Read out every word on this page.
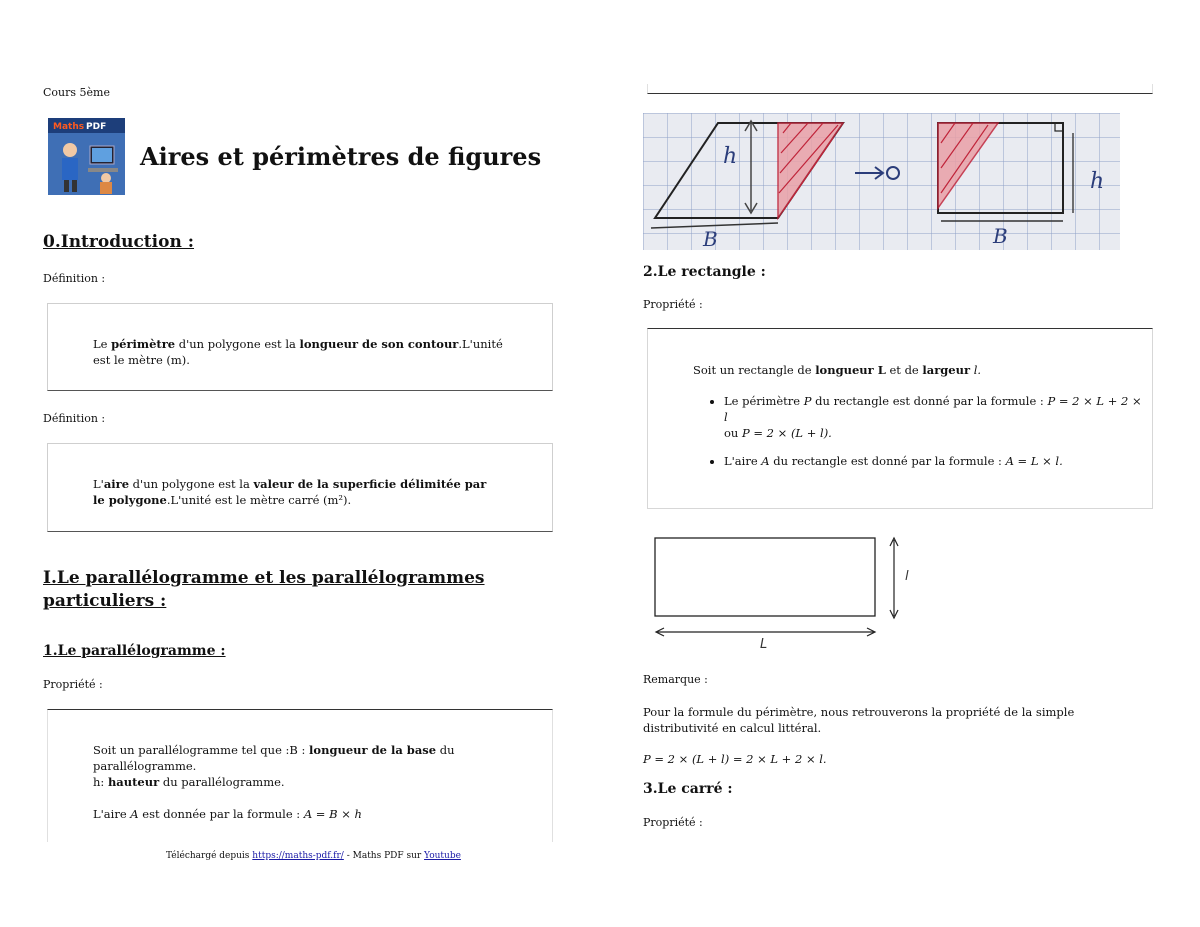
Cours 5ème
Maths PDF
Aires et périmètres de figures
0.Introduction :
Définition :
Le périmètre d'un polygone est la longueur de son contour.L'unité est le mètre (m).
Définition :
L'aire d'un polygone est la valeur de la superficie délimitée par le polygone.L'unité est le mètre carré (m²).
I.Le parallélogramme et les parallélogrammes particuliers :
1.Le parallélogramme :
Propriété :
Soit un parallélogramme tel que :B : longueur de la base du parallélogramme.
h: hauteur du parallélogramme.
L'aire A est donnée par la formule : A = B × h
Téléchargé depuis https://maths-pdf.fr/ - Maths PDF sur Youtube
h
B	B
h
2.Le rectangle :
Propriété :
Soit un rectangle de longueur L et de largeur l.
• Le périmètre P du rectangle est donné par la formule : P = 2 × L + 2 × l
ou P = 2 × (L + l).
• L'aire A du rectangle est donné par la formule : A = L × l.
l
L
Remarque :
Pour la formule du périmètre, nous retrouverons la propriété de la simple distributivité en calcul littéral.
P = 2 × (L + l) = 2 × L + 2 × l.
3.Le carré :
Propriété :
